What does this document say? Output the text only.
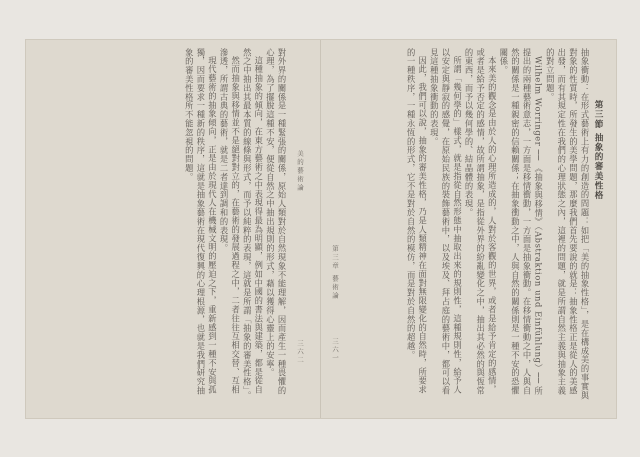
第三節 抽象的審美性格

抽象衝動：在形式藝術上有力的創造的問題：如把「美的抽象性格」，是在構成美的事實與對象的性質時，所發生的美學問題，那麼我們首先要說的就是：抽象性格正是從人的美感出發，而有其規定性在我們的心理狀態之內，這裡的問題，就是所謂自然主義與抽象主義的對立問題。

Wilhelm Worringer ── 《抽象與移情》（Abstraktion und Einfühlung）── 所提出的兩種藝術意志，一方面是移情衝動，一方面是抽象衝動。在移情衝動之中，人與自然的關係是一種親密的信賴關係；在抽象衝動之中，人與自然的關係則是一種不安的恐懼關係。

本來美的觀念是由於人的心理所造成的，人對於客觀的世界，或者是給予肯定的感情，或者是給予否定的感情，故所謂抽象，是指從外界的紛亂變化之中，抽出其必然的與恆常的東西，而予以幾何學的、結晶體的表現。

所謂「幾何學的」樣式，就是指從自然形態中抽取出來的規則性，這種規則性，給予人以安定與靜寂的感覺，在原始民族的裝飾藝術中，以及埃及、拜占庭的藝術中，都可以看見這種抽象衝動的表現。

因此，我們可以說，抽象的審美性格，乃是人類精神在面對無限變化的自然時，所要求的一種秩序，一種永恆的形式，它不是對於自然的模仿，而是對於自然的超越。

第三章 藝術論
三六一
美的藝術論
三六二

對外界的關係是一種緊張的關係，原始人類對於自然現象不能理解，因而產生一種畏懼的心理，為了擺脫這種不安，便從自然之中抽出規則的形式，藉以獲得心靈上的安寧。

這種抽象的傾向，在東方藝術之中表現得最為明顯，例如中國的書法與建築，都是從自然之中抽出其最本質的線條與形式，而予以純粹的表現，這就是所謂「抽象的審美性格」。

然而抽象與移情並不是絕對對立的，在藝術的發展過程之中，二者往往互相交替、互相滲透，所謂古典的藝術，就是二者達到調和的表現。

現代藝術的抽象傾向，正是由於現代人在機械文明的壓迫之下，重新感到一種不安與孤獨，因而要求一種新的秩序，這就是抽象藝術在現代復興的心理根源，也就是我們研究抽象的審美性格所不能忽視的問題。
